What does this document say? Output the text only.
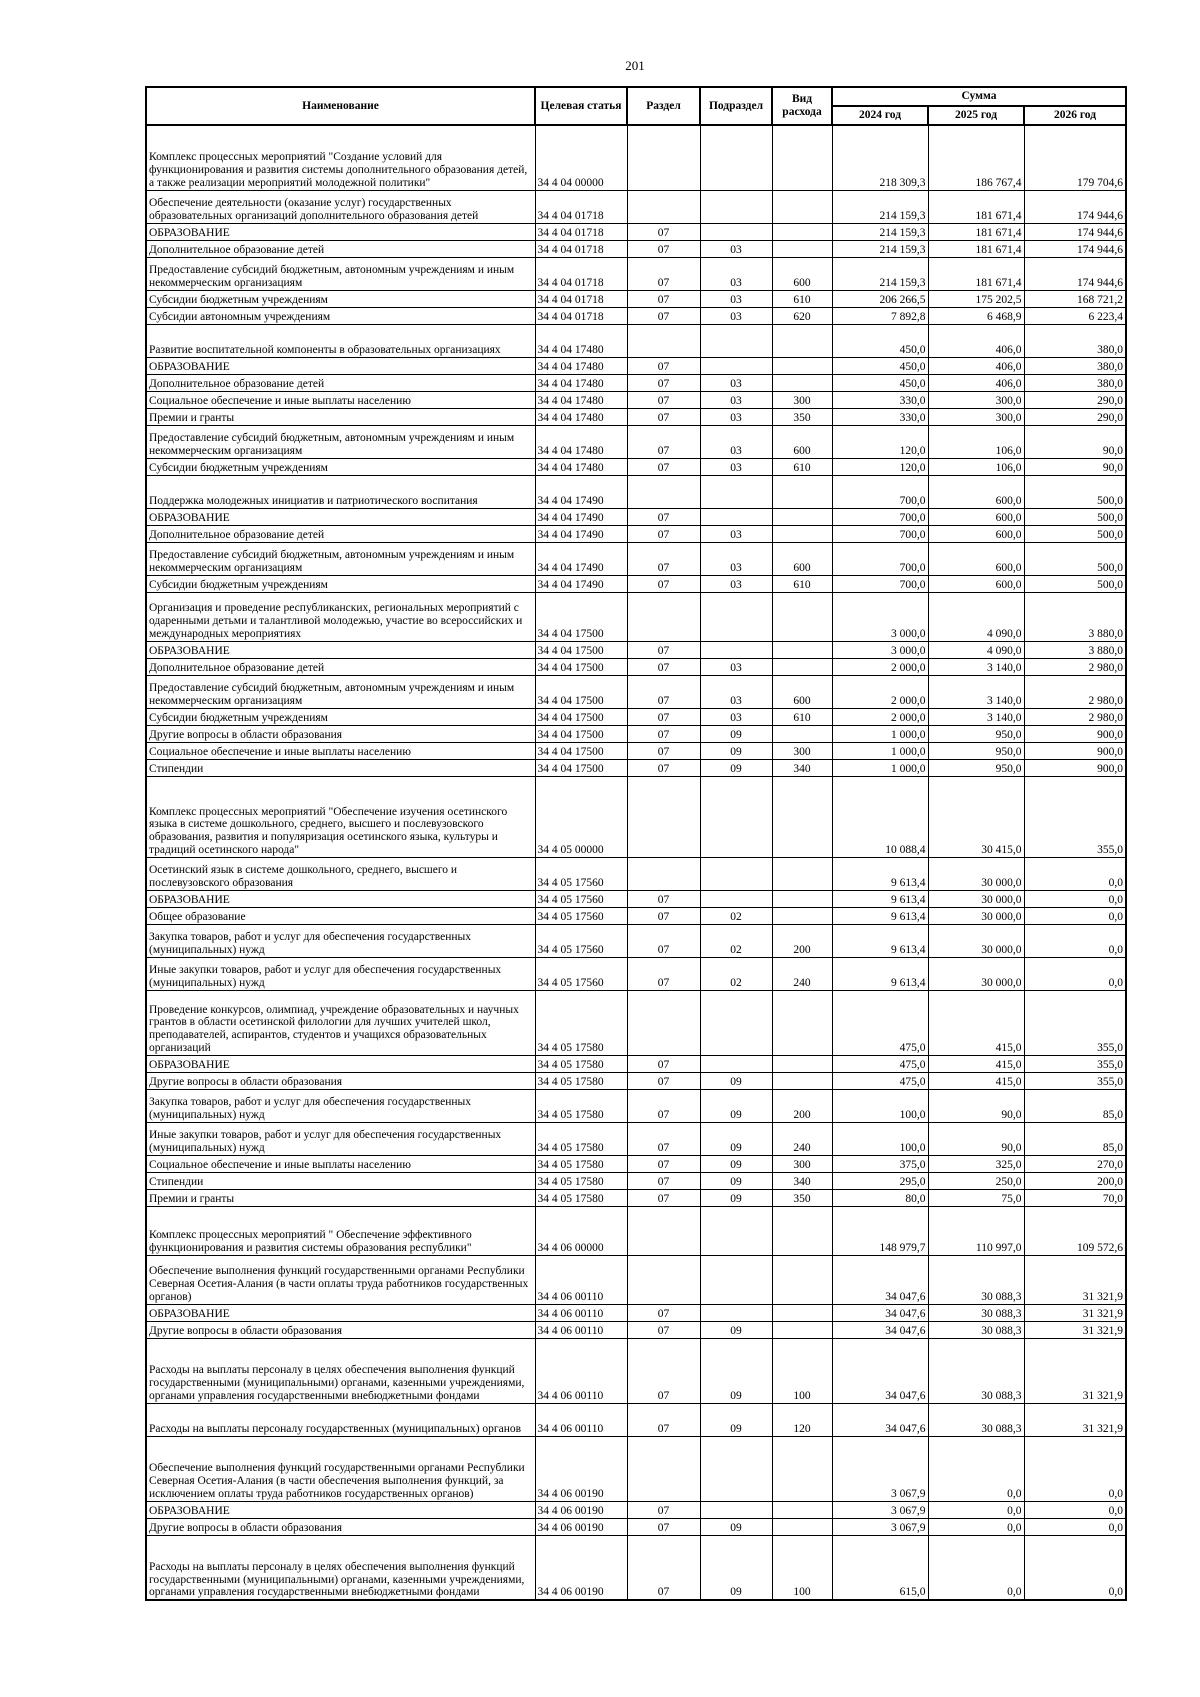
201
Наименование	Целевая статья	Раздел	Подраздел	Вид расхода	Сумма		
					2024 год	2025 год	2026 год
Комплекс процессных мероприятий "Создание условий для функционирования и развития системы дополнительного образования детей, а также реализации мероприятий молодежной политики"	34 4 04 00000				218 309,3	186 767,4	179 704,6
Обеспечение деятельности (оказание услуг) государственных образовательных организаций дополнительного образования детей	34 4 04 01718				214 159,3	181 671,4	174 944,6
ОБРАЗОВАНИЕ	34 4 04 01718	07			214 159,3	181 671,4	174 944,6
Дополнительное образование детей	34 4 04 01718	07	03		214 159,3	181 671,4	174 944,6
Предоставление субсидий бюджетным, автономным учреждениям и иным некоммерческим организациям	34 4 04 01718	07	03	600	214 159,3	181 671,4	174 944,6
Субсидии бюджетным учреждениям	34 4 04 01718	07	03	610	206 266,5	175 202,5	168 721,2
Субсидии автономным учреждениям	34 4 04 01718	07	03	620	7 892,8	6 468,9	6 223,4
Развитие воспитательной компоненты в образовательных организациях	34 4 04 17480				450,0	406,0	380,0
ОБРАЗОВАНИЕ	34 4 04 17480	07			450,0	406,0	380,0
Дополнительное образование детей	34 4 04 17480	07	03		450,0	406,0	380,0
Социальное обеспечение и иные выплаты населению	34 4 04 17480	07	03	300	330,0	300,0	290,0
Премии и гранты	34 4 04 17480	07	03	350	330,0	300,0	290,0
Предоставление субсидий бюджетным, автономным учреждениям и иным некоммерческим организациям	34 4 04 17480	07	03	600	120,0	106,0	90,0
Субсидии бюджетным учреждениям	34 4 04 17480	07	03	610	120,0	106,0	90,0
Поддержка молодежных инициатив и патриотического воспитания	34 4 04 17490				700,0	600,0	500,0
ОБРАЗОВАНИЕ	34 4 04 17490	07			700,0	600,0	500,0
Дополнительное образование детей	34 4 04 17490	07	03		700,0	600,0	500,0
Предоставление субсидий бюджетным, автономным учреждениям и иным некоммерческим организациям	34 4 04 17490	07	03	600	700,0	600,0	500,0
Субсидии бюджетным учреждениям	34 4 04 17490	07	03	610	700,0	600,0	500,0
Организация и проведение республиканских, региональных мероприятий с одаренными детьми и талантливой молодежью, участие во всероссийских и международных мероприятиях	34 4 04 17500				3 000,0	4 090,0	3 880,0
ОБРАЗОВАНИЕ	34 4 04 17500	07			3 000,0	4 090,0	3 880,0
Дополнительное образование детей	34 4 04 17500	07	03		2 000,0	3 140,0	2 980,0
Предоставление субсидий бюджетным, автономным учреждениям и иным некоммерческим организациям	34 4 04 17500	07	03	600	2 000,0	3 140,0	2 980,0
Субсидии бюджетным учреждениям	34 4 04 17500	07	03	610	2 000,0	3 140,0	2 980,0
Другие вопросы в области образования	34 4 04 17500	07	09		1 000,0	950,0	900,0
Социальное обеспечение и иные выплаты населению	34 4 04 17500	07	09	300	1 000,0	950,0	900,0
Стипендии	34 4 04 17500	07	09	340	1 000,0	950,0	900,0
Комплекс процессных мероприятий "Обеспечение изучения осетинского языка в системе дошкольного, среднего, высшего и послевузовского образования, развития и популяризация осетинского языка, культуры и традиций осетинского народа"	34 4 05 00000				10 088,4	30 415,0	355,0
Осетинский язык в системе дошкольного, среднего, высшего и послевузовского образования	34 4 05 17560				9 613,4	30 000,0	0,0
ОБРАЗОВАНИЕ	34 4 05 17560	07			9 613,4	30 000,0	0,0
Общее образование	34 4 05 17560	07	02		9 613,4	30 000,0	0,0
Закупка товаров, работ и услуг для обеспечения государственных (муниципальных) нужд	34 4 05 17560	07	02	200	9 613,4	30 000,0	0,0
Иные закупки товаров, работ и услуг для обеспечения государственных (муниципальных) нужд	34 4 05 17560	07	02	240	9 613,4	30 000,0	0,0
Проведение конкурсов, олимпиад, учреждение образовательных и научных грантов в области осетинской филологии для лучших учителей школ, преподавателей, аспирантов, студентов и учащихся образовательных организаций	34 4 05 17580				475,0	415,0	355,0
ОБРАЗОВАНИЕ	34 4 05 17580	07			475,0	415,0	355,0
Другие вопросы в области образования	34 4 05 17580	07	09		475,0	415,0	355,0
Закупка товаров, работ и услуг для обеспечения государственных (муниципальных) нужд	34 4 05 17580	07	09	200	100,0	90,0	85,0
Иные закупки товаров, работ и услуг для обеспечения государственных (муниципальных) нужд	34 4 05 17580	07	09	240	100,0	90,0	85,0
Социальное обеспечение и иные выплаты населению	34 4 05 17580	07	09	300	375,0	325,0	270,0
Стипендии	34 4 05 17580	07	09	340	295,0	250,0	200,0
Премии и гранты	34 4 05 17580	07	09	350	80,0	75,0	70,0
Комплекс процессных мероприятий " Обеспечение эффективного функционирования и развития системы образования республики"	34 4 06 00000				148 979,7	110 997,0	109 572,6
Обеспечение выполнения функций государственными органами Республики Северная Осетия-Алания (в части оплаты труда работников государственных органов)	34 4 06 00110				34 047,6	30 088,3	31 321,9
ОБРАЗОВАНИЕ	34 4 06 00110	07			34 047,6	30 088,3	31 321,9
Другие вопросы в области образования	34 4 06 00110	07	09		34 047,6	30 088,3	31 321,9
Расходы на выплаты персоналу в целях обеспечения выполнения функций государственными (муниципальными) органами, казенными учреждениями, органами управления государственными внебюджетными фондами	34 4 06 00110	07	09	100	34 047,6	30 088,3	31 321,9
Расходы на выплаты персоналу государственных (муниципальных) органов	34 4 06 00110	07	09	120	34 047,6	30 088,3	31 321,9
Обеспечение выполнения функций государственными органами Республики Северная Осетия-Алания (в части обеспечения выполнения функций, за исключением оплаты труда работников государственных органов)	34 4 06 00190				3 067,9	0,0	0,0
ОБРАЗОВАНИЕ	34 4 06 00190	07			3 067,9	0,0	0,0
Другие вопросы в области образования	34 4 06 00190	07	09		3 067,9	0,0	0,0
Расходы на выплаты персоналу в целях обеспечения выполнения функций государственными (муниципальными) органами, казенными учреждениями, органами управления государственными внебюджетными фондами	34 4 06 00190	07	09	100	615,0	0,0	0,0
